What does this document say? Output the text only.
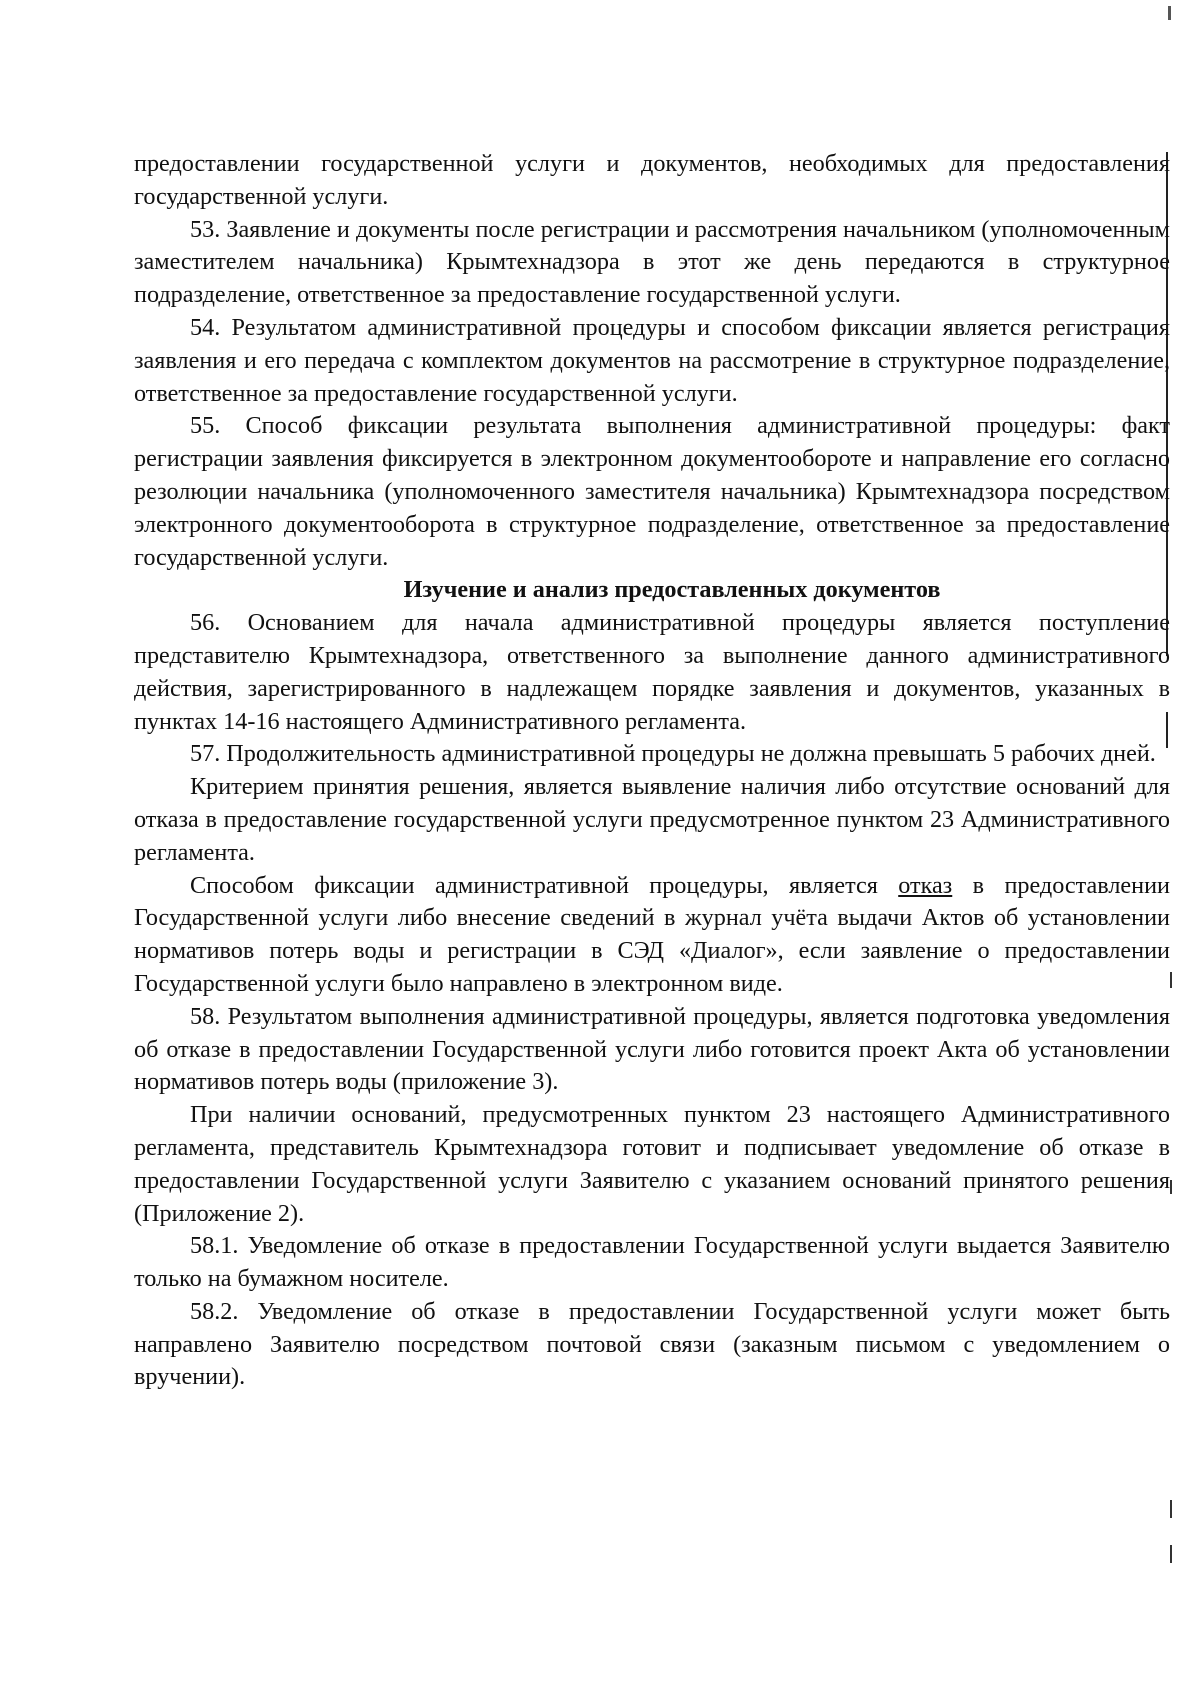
предоставлении государственной услуги и документов, необходимых для предоставления государственной услуги.

53. Заявление и документы после регистрации и рассмотрения начальником (уполномоченным заместителем начальника) Крымтехнадзора в этот же день передаются в структурное подразделение, ответственное за предоставление государственной услуги.

54. Результатом административной процедуры и способом фиксации является регистрация заявления и его передача с комплектом документов на рассмотрение в структурное подразделение, ответственное за предоставление государственной услуги.

55. Способ фиксации результата выполнения административной процедуры: факт регистрации заявления фиксируется в электронном документообороте и направление его согласно резолюции начальника (уполномоченного заместителя начальника) Крымтехнадзора посредством электронного документооборота в структурное подразделение, ответственное за предоставление государственной услуги.

Изучение и анализ предоставленных документов

56. Основанием для начала административной процедуры является поступление представителю Крымтехнадзора, ответственного за выполнение данного административного действия, зарегистрированного в надлежащем порядке заявления и документов, указанных в пунктах 14-16 настоящего Административного регламента.

57. Продолжительность административной процедуры не должна превышать 5 рабочих дней.

Критерием принятия решения, является выявление наличия либо отсутствие оснований для отказа в предоставление государственной услуги предусмотренное пунктом 23 Административного регламента.

Способом фиксации административной процедуры, является отказ в предоставлении Государственной услуги либо внесение сведений в журнал учёта выдачи Актов об установлении нормативов потерь воды и регистрации в СЭД «Диалог», если заявление о предоставлении Государственной услуги было направлено в электронном виде.

58. Результатом выполнения административной процедуры, является подготовка уведомления об отказе в предоставлении Государственной услуги либо готовится проект Акта об установлении нормативов потерь воды (приложение 3).

При наличии оснований, предусмотренных пунктом 23 настоящего Административного регламента, представитель Крымтехнадзора готовит и подписывает уведомление об отказе в предоставлении Государственной услуги Заявителю с указанием оснований принятого решения (Приложение 2).

58.1. Уведомление об отказе в предоставлении Государственной услуги выдается Заявителю только на бумажном носителе.

58.2. Уведомление об отказе в предоставлении Государственной услуги может быть направлено Заявителю посредством почтовой связи (заказным письмом с уведомлением о вручении).
